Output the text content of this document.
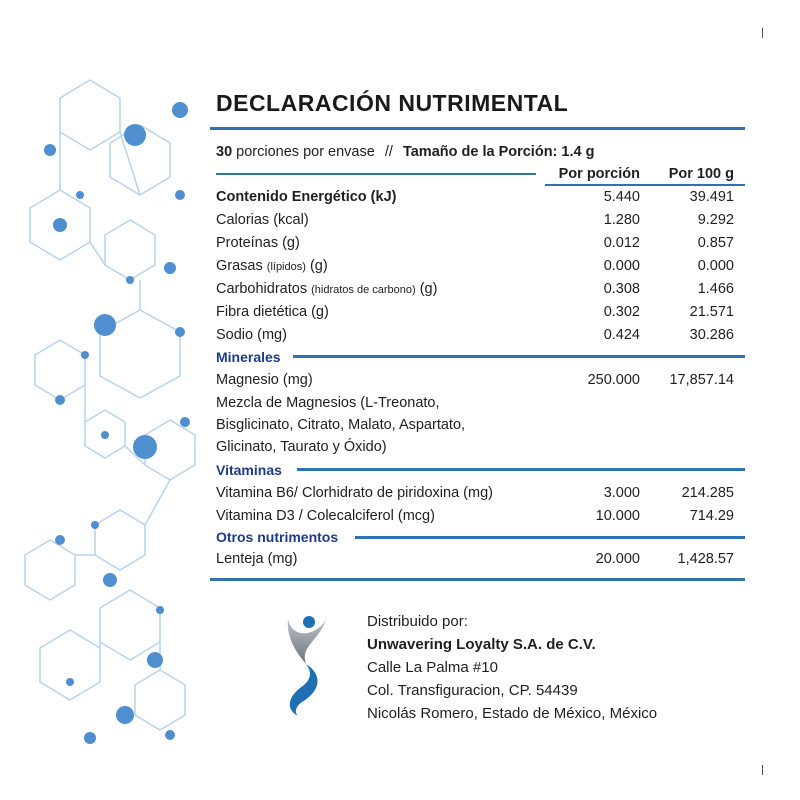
DECLARACIÓN NUTRIMENTAL
30 porciones por envase // Tamaño de la Porción: 1.4 g
Por porción Por 100 g
Contenido Energético (kJ)	5.440	39.491
Calorias (kcal)	1.280	9.292
Proteínas (g)	0.012	0.857
Grasas (lípidos) (g)	0.000	0.000
Carbohidratos (hidratos de carbono) (g)	0.308	1.466
Fibra dietética (g)	0.302	21.571
Sodio (mg)	0.424	30.286
Minerales
Magnesio (mg)	250.000 17,857.14
Mezcla de Magnesios (L-Treonato,
Bisglicinato, Citrato, Malato, Aspartato,
Glicinato, Taurato y Óxido)
Vitaminas
Vitamina B6/ Clorhidrato de piridoxina (mg)	3.000	214.285
Vitamina D3 / Colecalciferol (mcg)	10.000	714.29
Otros nutrimentos
Lenteja (mg)	20.000	1,428.57
Distribuido por:
Unwavering Loyalty S.A. de C.V.
Calle La Palma #10
Col. Transfiguracion, CP. 54439
Nicolás Romero, Estado de México, México
